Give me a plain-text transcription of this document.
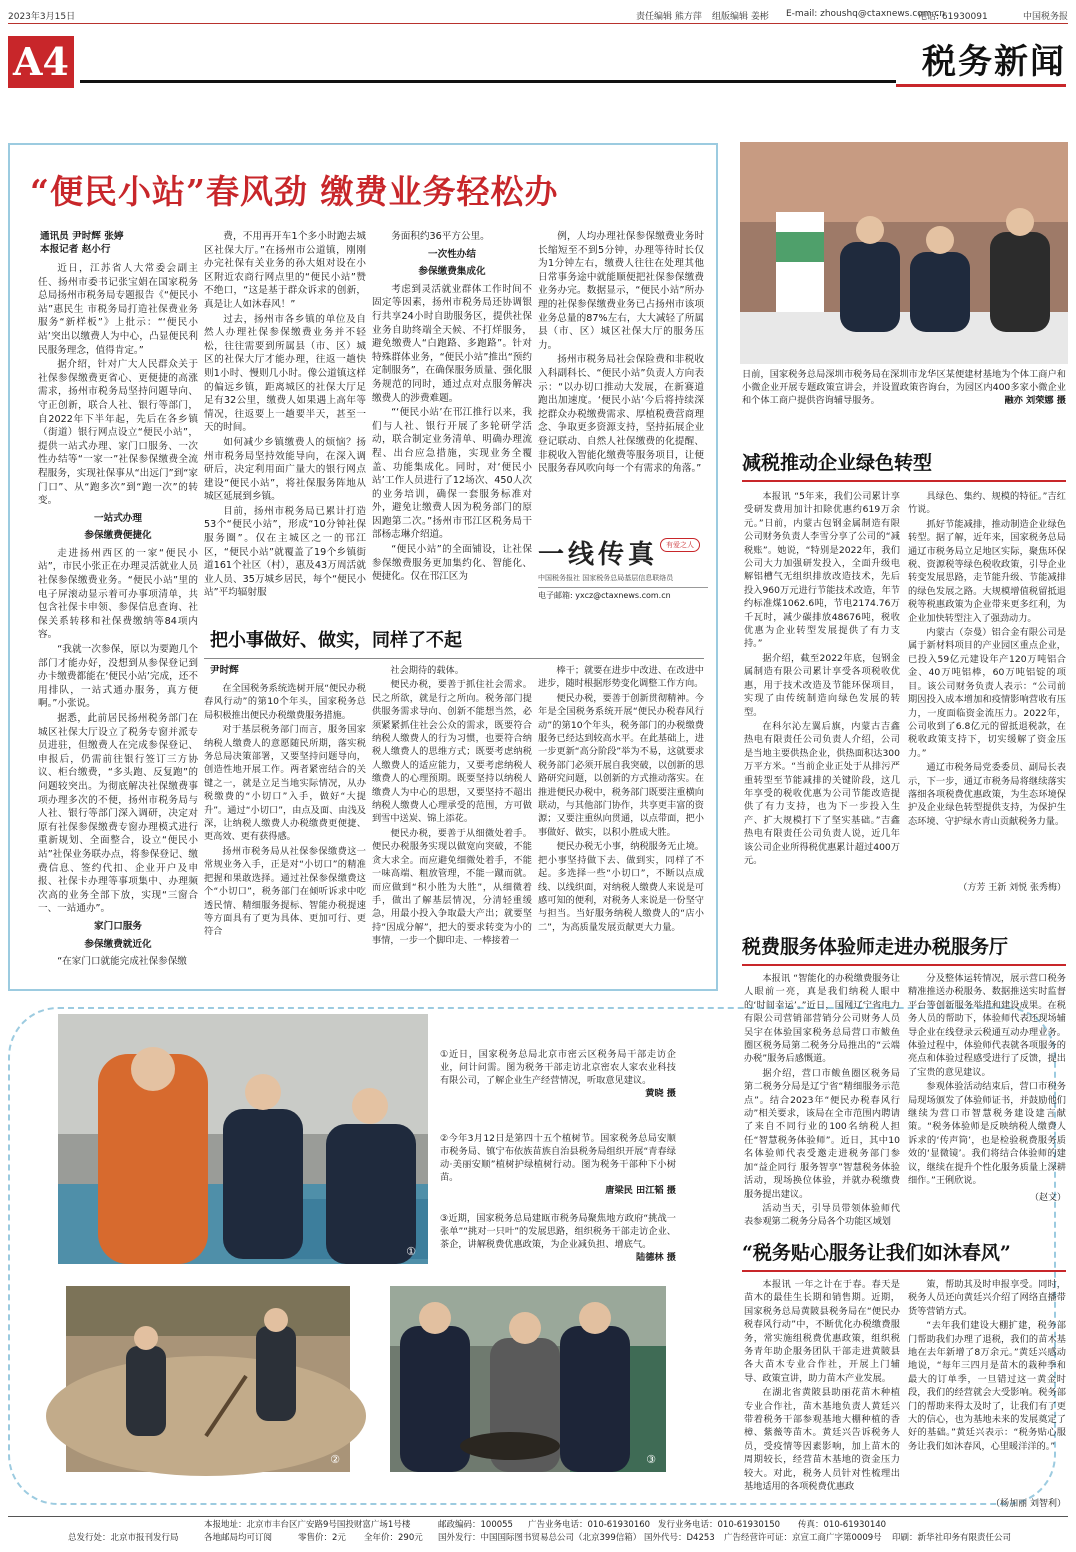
2023年3月15日	责任编辑 熊方萍 组版编辑 姜彬 E-mail: zhoushq@ctaxnews.com.cn
电话: 61930091	中国税务报
A4	税务新闻
“便民小站”春风劲 缴费业务轻松办
通讯员 尹时辉 张婷
本报记者 赵小行

近日，江苏省人大常委会副主任、扬州市委书记张宝娟在国家税务总局扬州市税务局专题报告《“便民小站”惠民生 市税务局打造社保费业务服务“新样板”》上批示：“‘便民小站’突出以缴费人为中心，凸显便民利民服务理念，值得肯定。”

据介绍，针对广大人民群众关于社保参保缴费更省心、更便捷的高涨需求，扬州市税务局坚持问题导向、守正创新，联合人社、银行等部门，自2022年下半年起，先后在各乡镇（街道）银行网点设立“便民小站”，提供一站式办理、家门口服务、一次性办结等“一家一”社保参保缴费全流程服务，实现社保事从“出远门”到“家门口”、从“跑多次”到“跑一次”的转变。

一站式办理
参保缴费便捷化

走进扬州西区的一家“便民小站”，市民小张正在办理灵活就业人员社保参保缴费业务。“便民小站”里的电子屏滚动显示着可办事项清单，共包含社保卡申领、参保信息查询、社保关系转移和社保费缴纳等84项内容。

“我就一次参保，原以为要跑几个部门才能办好，没想到从参保登记到办卡缴费都能在‘便民小站’完成，还不用排队，一站式通办服务，真方便啊。”小张说。

据悉，此前居民扬州税务部门在城区社保大厅设立了税务专窗并派专员进驻，但缴费人在完成参保登记、申报后，仍需前往银行签订三方协议、柜台缴费，“多头跑、反复跑”的问题较突出。为彻底解决社保缴费事项办理多次的不便，扬州市税务局与人社、银行等部门深入调研，决定对原有社保参保缴费专窗办理模式进行重新规划、全面整合，设立“便民小站”社保业务联办点，将参保登记、缴费信息、签约代扣、企业开户及申报、社保卡办理等事项集中、办理频次高的业务全部下放，实现“三窗合一、一站通办”。

家门口服务
参保缴费就近化

“在家门口就能完成社保参保缴

费，不用再开车1个多小时跑去城区社保大厅。”在扬州市公道镇，刚刚办完社保有关业务的孙大姐对设在小区附近农商行网点里的“便民小站”赞不绝口，“这是基于群众诉求的创新，真是让人如沐春风！”

过去，扬州市各乡镇的单位及自然人办理社保参保缴费业务并不轻松，往往需要到所属县（市、区）城区的社保大厅才能办理，往返一趟快则1小时、慢则几小时。像公道镇这样的偏远乡镇，距离城区的社保大厅足足有32公里，缴费人如果遇上高年等情况，往返要上一趟要半天，甚至一天的时间。

如何减少乡镇缴费人的烦恼？扬州市税务局坚持效能导向，在深入调研后，决定利用面广量大的银行网点建设“便民小站”，将社保服务阵地从城区延展到乡镇。

目前，扬州市税务局已累计打造53个“便民小站”，形成“10分钟社保服务圈”。仅在主城区之一的邗江区，“便民小站”就覆盖了19个乡镇街道161个社区（村），惠及43万周活就业人员、35万城乡居民，每个“便民小站”平均辐射服

务面积约36平方公里。

一次性办结
参保缴费集成化

考虑到灵活就业群体工作时间不固定等因素，扬州市税务局还协调银行共享24小时自助服务区，提供社保业务自助终端全天候、不打烊服务，避免缴费人“白跑路、多跑路”。针对特殊群体业务，“便民小站”推出“预约定制服务”，在确保服务质量、强化服务规范的同时，通过点对点服务解决缴费人的涉费难题。

“‘便民小站’在邗江推行以来，我们与人社、银行开展了多轮研学活动，联合制定业务清单、明确办理流程、出台应急措施，实现业务全覆盖、功能集成化。同时，对‘便民小站’工作人员进行了12场次、450人次的业务培训，确保一套服务标准对外，避免让缴费人因为税务部门的原因跑第二次。”扬州市邗江区税务局干部杨志琳介绍道。

“便民小站”的全面铺设，让社保参保缴费服务更加集约化、智能化、便捷化。仅在邗江区为

例，人均办理社保参保缴费业务时长缩短至不到5分钟，办理等待时长仅为1分钟左右，缴费人往往在处理其他日常事务途中就能顺便把社保参保缴费业务办完。数据显示，“便民小站”所办理的社保参保缴费业务已占扬州市该项业务总量的87%左右，大大减轻了所属县（市、区）城区社保大厅的服务压力。

扬州市税务局社会保险费和非税收入科副科长、“便民小站”负责人方向表示：“以办切口推动大发展，在新赛道跑出加速度。‘便民小站’今后将持续深挖群众办税缴费需求、厚植税费营商理念、争取更多资源支持，坚持拓展企业登记联动、自然人社保缴费的化提醒、非税收入智能化缴费等服务项目，让便民服务春风吹向每一个有需求的角落。”

一线传真
中国税务报社 国家税务总局基层信息联络员
电子邮箱: yxcz@ctaxnews.com.cn
有爱之人
把小事做好、做实，同样了不起
尹时辉

在全国税务系统选树开展“便民办税春风行动”的第10个年头，国家税务总局积极推出便民办税缴费服务措施。

对于基层税务部门而言，服务国家纳税人缴费人的意愿随民所期，落实税务总局决策部署，又要坚持问题导向，创造性地开展工作。两者紧密结合的关键之一，就是立足当地实际情况，从办税缴费的“小切口”入手，做好“大提升”。通过“小切口”，由点及面、由浅及深，让纳税人缴费人办税缴费更便捷、更高效、更有获得感。

扬州市税务局从社保参保缴费这一常规业务入手，正是对“小切口”的精准把握和果敢选择。通过社保参保缴费这个“小切口”，税务部门在倾听诉求中吃透民情、精细服务提标、智能办税提速等方面具有了更为具体、更加可行、更符合

社会期待的载体。

便民办税，要善于抓住社会需求。民之所欲，就是行之所向。税务部门提供服务需求导向、创新不能想当然，必须紧紧抓住社会公众的需求，既要符合纳税人缴费人的行为习惯，也要符合纳税人缴费人的思维方式；既要考虑纳税人缴费人的适应能力，又要考虑纳税人缴费人的心理预期。既要坚持以纳税人缴费人为中心的思想，又要坚持不超出纳税人缴费人心理承受的范围，方可做到雪中送炭、锦上添花。

便民办税，要善于从细微处着手。便民办税服务实现以做宽向突破，不能贪大求全。而应避免细微处着手，不能一味高端、粗放管理，不能一蹴而就。而应做到“积小胜为大胜”，从细微着手，做出了解基层情况，分清轻重缓急，用最小投入争取最大产出；就要坚持“因成分解”，把大的要求转变为小的事情，一步一个脚印走、一棒接着一

棒干；就要在进步中改进、在改进中进步，随时根据形势变化调整工作方向。

便民办税，要善于创新贯彻精神。今年是全国税务系统开展“便民办税春风行动”的第10个年头，税务部门的办税缴费服务已经达到较高水平。在此基础上，进一步更新“高分阶段”举为不易，这就要求税务部门必须开展自我突破，以创新的思路研究问题，以创新的方式推动落实。在推进便民办税中，税务部门既要注重横向联动，与其他部门协作，共享更丰富的资源；又要注重纵向贯通，以点带面，把小事做好、做实，以积小胜成大胜。

便民办税无小事，纳税服务无止境。把小事坚持做下去、做到实，同样了不起。多选择一些“小切口”，不断以点成线、以线织面，对纳税人缴费人来说是可感可知的便利，对税务人来说是一份坚守与担当。当好服务纳税人缴费人的“店小二”，为高质量发展贡献更大力量。

①
①近日，国家税务总局北京市密云区税务局干部走访企业，问计问需。图为税务干部走访北京密农人家农业科技有限公司，了解企业生产经营情况，听取意见建议。
黄晓 摄
②今年3月12日是第四十五个植树节。国家税务总局安顺市税务局、镇宁布依族苗族自治县税务局组织开展“青春绿动·美丽安顺”植树护绿植树行动。图为税务干部种下小树苗。
唐梁民 田江韬 摄
③近期，国家税务总局建瓯市税务局聚焦地方政府“挑战一张单”“挑对一只叶”的发展思路，组织税务干部走访企业、茶企，讲解税费优惠政策，为企业减负担、增底气。
陆德林 摄
②	③
日前，国家税务总局深圳市税务局在深圳市龙华区某便建材基地为个体工商户和小微企业开展专题政策宣讲会，并设置政策咨询台，为园区内400多家小微企业和个体工商户提供咨询辅导服务。	融亦 刘荣娜 摄
减税推动企业绿色转型

本报讯 “5年来，我们公司累计享受研发费用加计扣除优惠约619万余元。”日前，内蒙古包钢金属制造有限公司财务负责人李雪分享了公司的“减税账”。她说，“特别是2022年，我们公司大力加强研发投入，全面升级电解铝槽气无组织排放改造技术，先后投入960万元进行节能技术改造，年节约标准煤1062.6吨，节电2174.76万千瓦时，减少碳排放48676吨，税收优惠为企业转型发展提供了有力支持。”

据介绍，截至2022年底，包钢金属制造有限公司累计享受各项税收优惠，用于技术改造及节能环保项目，实现了由传统制造向绿色发展的转型。

在科尔沁左翼后旗，内蒙古吉鑫热电有限责任公司负责人介绍，公司是当地主要供热企业，供热面积达300万平方米。“当前企业正处于从排污严重转型至节能减排的关键阶段，这几年享受的税收优惠为公司节能改造提供了有力支持，也为下一步投入生产、扩大规模打下了坚实基础。”吉鑫热电有限责任公司负责人说，近几年该公司企业所得税优惠累计超过400万元。

具绿色、集约、规模的特征。”吉红竹说。

抓好节能减排，推动制造企业绿色转型。据了解，近年来，国家税务总局通辽市税务局立足地区实际，聚焦环保税、资源税等绿色税收政策，引导企业转变发展思路，走节能升级、节能减排的绿色发展之路。大规模增值税留抵退税等税惠政策为企业带来更多红利，为企业加快转型注入了强劲动力。

内蒙古（奈曼）铝合金有限公司是属于新材料项目的产业园区重点企业，已投入59亿元建设年产120万吨铝合金、40万吨铝棒，60万吨铝锭的项目。该公司财务负责人表示：“公司前期因投入成本增加和疫情影响营收有压力，一度面临资金流压力。2022年，公司收到了6.8亿元的留抵退税款，在税收政策支持下，切实缓解了资金压力。”

通辽市税务局党委委员、副局长表示，下一步，通辽市税务局将继续落实落细各项税费优惠政策，为生态环境保护及企业绿色转型提供支持，为保护生态环境、守护绿水青山贡献税务力量。

（方芳 王新 刘悦 张秀梅）
税费服务体验师走进办税服务厅

本报讯 “智能化的办税缴费服务让人眼前一亮，真是我们纳税人眼中的‘时间幸运’。”近日，国网辽宁省电力有限公司营销部营销分公司财务人员吴宇在体验国家税务总局营口市鲅鱼圈区税务局第二税务分局推出的“云端办税”服务后感慨道。

据介绍，营口市鲅鱼圈区税务局第二税务分局是辽宁省“精细服务示范点”。结合2023年“便民办税春风行动”相关要求，该局在全市范围内聘请了来自不同行业的100名纳税人担任“智慧税务体验师”。近日，其中10名体验师代表受邀走进税务部门参加“益企同行 服务智享”智慧税务体验活动，现场换位体验，并就办税缴费服务提出建议。

活动当天，引导员带领体验师代表参观第二税务分局各个功能区域划

分及整体运转情况，展示营口税务精准推送办税服务、数据推送实时监督平台等创新服务举措和建设成果。在税务人员的帮助下，体验师代表还现场辅导企业在线登录云税通互动办理业务。体验过程中，体验师代表就各项服务的亮点和体验过程感受进行了反馈，提出了宝贵的意见建议。

参观体验活动结束后，营口市税务局现场颁发了体验师证书，并鼓励他们继续为营口市智慧税务建设建言献策。“税务体验师是反映纳税人缴费人诉求的‘传声筒’，也是检验税费服务质效的‘显微镜’。我们将结合体验师的建议，继续在提升个性化服务质量上深耕细作。”王俐欣说。

（赵文）
“税务贴心服务让我们如沐春风”

本报讯 一年之计在于春。春天是苗木的最佳生长期和销售期。近期，国家税务总局黄陂县税务局在“便民办税春风行动”中，不断优化办税缴费服务，常实施组税费优惠政策，组织税务青年助企服务团队干部走进黄陂县各大苗木专业合作社，开展上门辅导、政策宣讲，助力苗木产业发展。

在湖北省黄陂县助丽花苗木种植专业合作社，苗木基地负责人黄廷兴带着税务干部参观基地大棚种植的香樟、紫薇等苗木。黄廷兴告诉税务人员，受疫情等因素影响，加上苗木的周期较长，经营苗木基地的资金压力较大。对此，税务人员针对性梳理出基地适用的各项税费优惠政

策，帮助其及时申报享受。同时，税务人员还向黄廷兴介绍了网络直播带货等营销方式。

“去年我们建设大棚扩建，税务部门帮助我们办理了退税，我们的苗木基地在去年新增了8万余元。”黄廷兴感动地说，“每年三四月是苗木的栽种季和最大的订单季，一旦错过这一黄金时段，我们的经营就会大受影响。税务部门的帮助来得太及时了，让我们有了更大的信心，也为基地未来的发展奠定了好的基础。”黄廷兴表示：“税务贴心服务让我们如沐春风，心里暖洋洋的。”

（杨加丽 刘智利）
本报地址：北京市丰台区广安路9号国投财富广场1号楼	邮政编码：100055 广告业务电话：010-61930160 发行业务电话：010-61930150 传真：010-61930140
总发行处：北京市报刊发行局	各地邮局均可订阅	零售价：2元 全年价：290元 国外发行：中国国际图书贸易总公司（北京399信箱） 国外代号：D4253 广告经营许可证：京宣工商广字第0009号 印刷：新华社印务有限责任公司
